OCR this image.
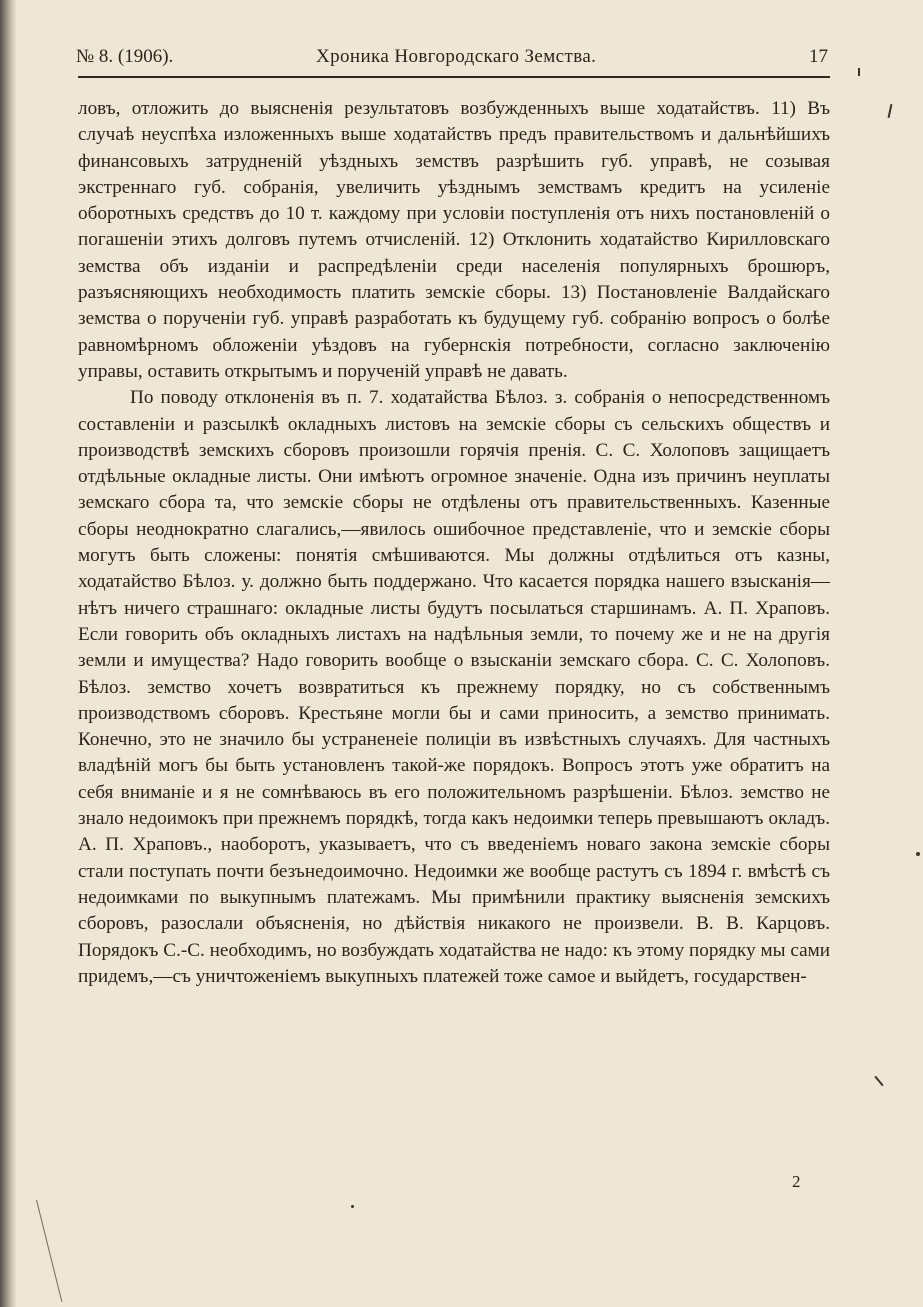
№ 8. (1906).	Хроника Новгородскаго Земства.	17

ловъ, отложить до выясненія результатовъ возбужденныхъ выше ходатайствъ. 11) Въ случаѣ неуспѣха изложенныхъ выше ходатайствъ предъ правительствомъ и дальнѣйшихъ финансовыхъ затрудненій уѣздныхъ земствъ разрѣшить губ. управѣ, не созывая экстреннаго губ. собранія, увеличить уѣзднымъ земствамъ кредитъ на усиленіе оборотныхъ средствъ до 10 т. каждому при условіи поступленія отъ нихъ постановленій о погашеніи этихъ долговъ путемъ отчисленій. 12) Отклонить ходатайство Кирилловскаго земства объ изданіи и распредѣленіи среди населенія популярныхъ брошюръ, разъясняющихъ необходимость платить земскіе сборы. 13) Постановленіе Валдайскаго земства о порученіи губ. управѣ разработать къ будущему губ. собранію вопросъ о болѣе равномѣрномъ обложеніи уѣздовъ на губернскія потребности, согласно заключенію управы, оставить открытымъ и порученій управѣ не давать.

По поводу отклоненія въ п. 7. ходатайства Бѣлоз. з. собранія о непосредственномъ составленіи и разсылкѣ окладныхъ листовъ на земскіе сборы съ сельскихъ обществъ и производствѣ земскихъ сборовъ произошли горячія пренія. С. С. Холоповъ защищаетъ отдѣльные окладные листы. Они имѣютъ огромное значеніе. Одна изъ причинъ неуплаты земскаго сбора та, что земскіе сборы не отдѣлены отъ правительственныхъ. Казенные сборы неоднократно слагались,—явилось ошибочное представленіе, что и земскіе сборы могутъ быть сложены: понятія смѣшиваются. Мы должны отдѣлиться отъ казны, ходатайство Бѣлоз. у. должно быть поддержано. Что касается порядка нашего взысканія—нѣтъ ничего страшнаго: окладные листы будутъ посылаться старшинамъ. А. П. Храповъ. Если говорить объ окладныхъ листахъ на надѣльныя земли, то почему же и не на другія земли и имущества? Надо говорить вообще о взысканіи земскаго сбора. С. С. Холоповъ. Бѣлоз. земство хочетъ возвратиться къ прежнему порядку, но съ собственнымъ производствомъ сборовъ. Крестьяне могли бы и сами приносить, а земство принимать. Конечно, это не значило бы устраненеіе полиціи въ извѣстныхъ случаяхъ. Для частныхъ владѣній могъ бы быть установленъ такой-же порядокъ. Вопросъ этотъ уже обратитъ на себя вниманіе и я не сомнѣваюсь въ его положительномъ разрѣшеніи. Бѣлоз. земство не знало недоимокъ при прежнемъ порядкѣ, тогда какъ недоимки теперь превышаютъ окладъ. А. П. Храповъ., наоборотъ, указываетъ, что съ введеніемъ новаго закона земскіе сборы стали поступать почти безънедоимочно. Недоимки же вообще растутъ съ 1894 г. вмѣстѣ съ недоимками по выкупнымъ платежамъ. Мы примѣнили практику выясненія земскихъ сборовъ, разослали объясненія, но дѣйствія никакого не произвели. В. В. Карцовъ. Порядокъ С.-С. необходимъ, но возбуждать ходатайства не надо: къ этому порядку мы сами придемъ,—съ уничтоженіемъ выкупныхъ платежей тоже самое и выйдетъ, государствен-

2
